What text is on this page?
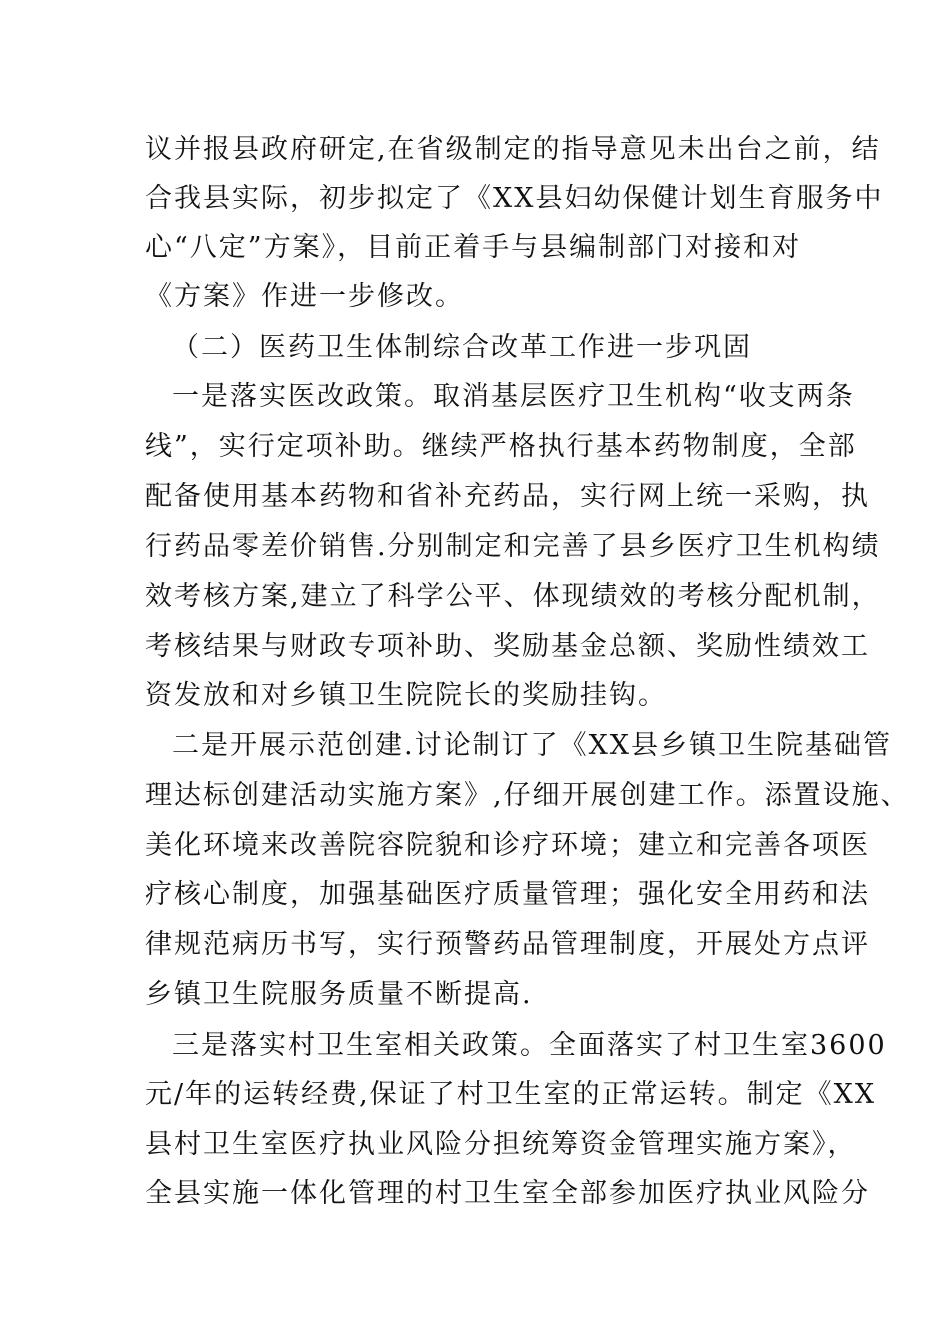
议并报县政府研定,在省级制定的指导意见未出台之前，结

合我县实际，初步拟定了《XX县妇幼保健计划生育服务中

心“八定”方案》，目前正着手与县编制部门对接和对

《方案》作进一步修改。

（二）医药卫生体制综合改革工作进一步巩固

一是落实医改政策。取消基层医疗卫生机构“收支两条

线”，实行定项补助。继续严格执行基本药物制度，全部

配备使用基本药物和省补充药品，实行网上统一采购，执

行药品零差价销售.分别制定和完善了县乡医疗卫生机构绩

效考核方案,建立了科学公平、体现绩效的考核分配机制，

考核结果与财政专项补助、奖励基金总额、奖励性绩效工

资发放和对乡镇卫生院院长的奖励挂钩。

二是开展示范创建.讨论制订了《XX县乡镇卫生院基础管

理达标创建活动实施方案》,仔细开展创建工作。添置设施、

美化环境来改善院容院貌和诊疗环境；建立和完善各项医

疗核心制度，加强基础医疗质量管理；强化安全用药和法

律规范病历书写，实行预警药品管理制度，开展处方点评

乡镇卫生院服务质量不断提高.

三是落实村卫生室相关政策。全面落实了村卫生室3600

元/年的运转经费,保证了村卫生室的正常运转。制定《XX

县村卫生室医疗执业风险分担统筹资金管理实施方案》，

全县实施一体化管理的村卫生室全部参加医疗执业风险分
